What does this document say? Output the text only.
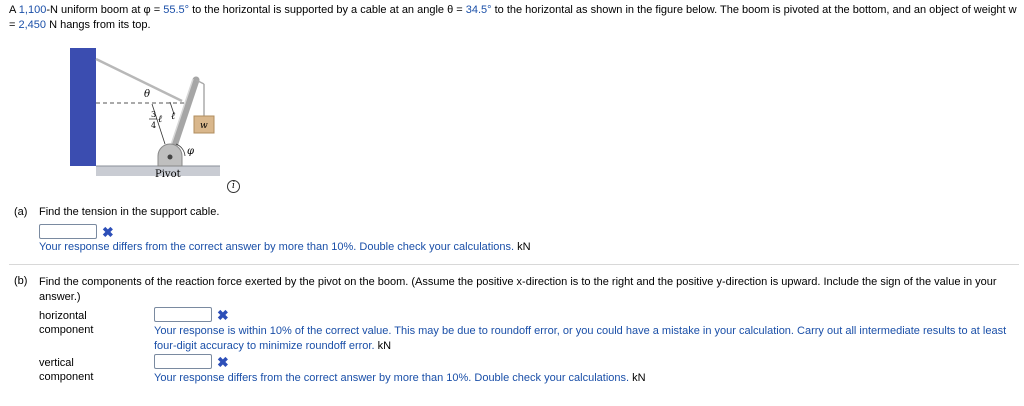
A 1,100-N uniform boom at φ = 55.5° to the horizontal is supported by a cable at an angle θ = 34.5° to the horizontal as shown in the figure below. The boom is pivoted at the bottom, and an object of weight w = 2,450 N hangs from its top.
θ
3
4
ℓ ℓ
w
φ
Pivot
i
(a)	Find the tension in the support cable.
✖
Your response differs from the correct answer by more than 10%. Double check your calculations. kN
(b)	Find the components of the reaction force exerted by the pivot on the boom. (Assume the positive x-direction is to the right and the positive y-direction is upward. Include the sign of the value in your answer.)
horizontal
component
✖
Your response is within 10% of the correct value. This may be due to roundoff error, or you could have a mistake in your calculation. Carry out all intermediate results to at least four-digit accuracy to minimize roundoff error. kN
vertical
component
✖
Your response differs from the correct answer by more than 10%. Double check your calculations. kN
